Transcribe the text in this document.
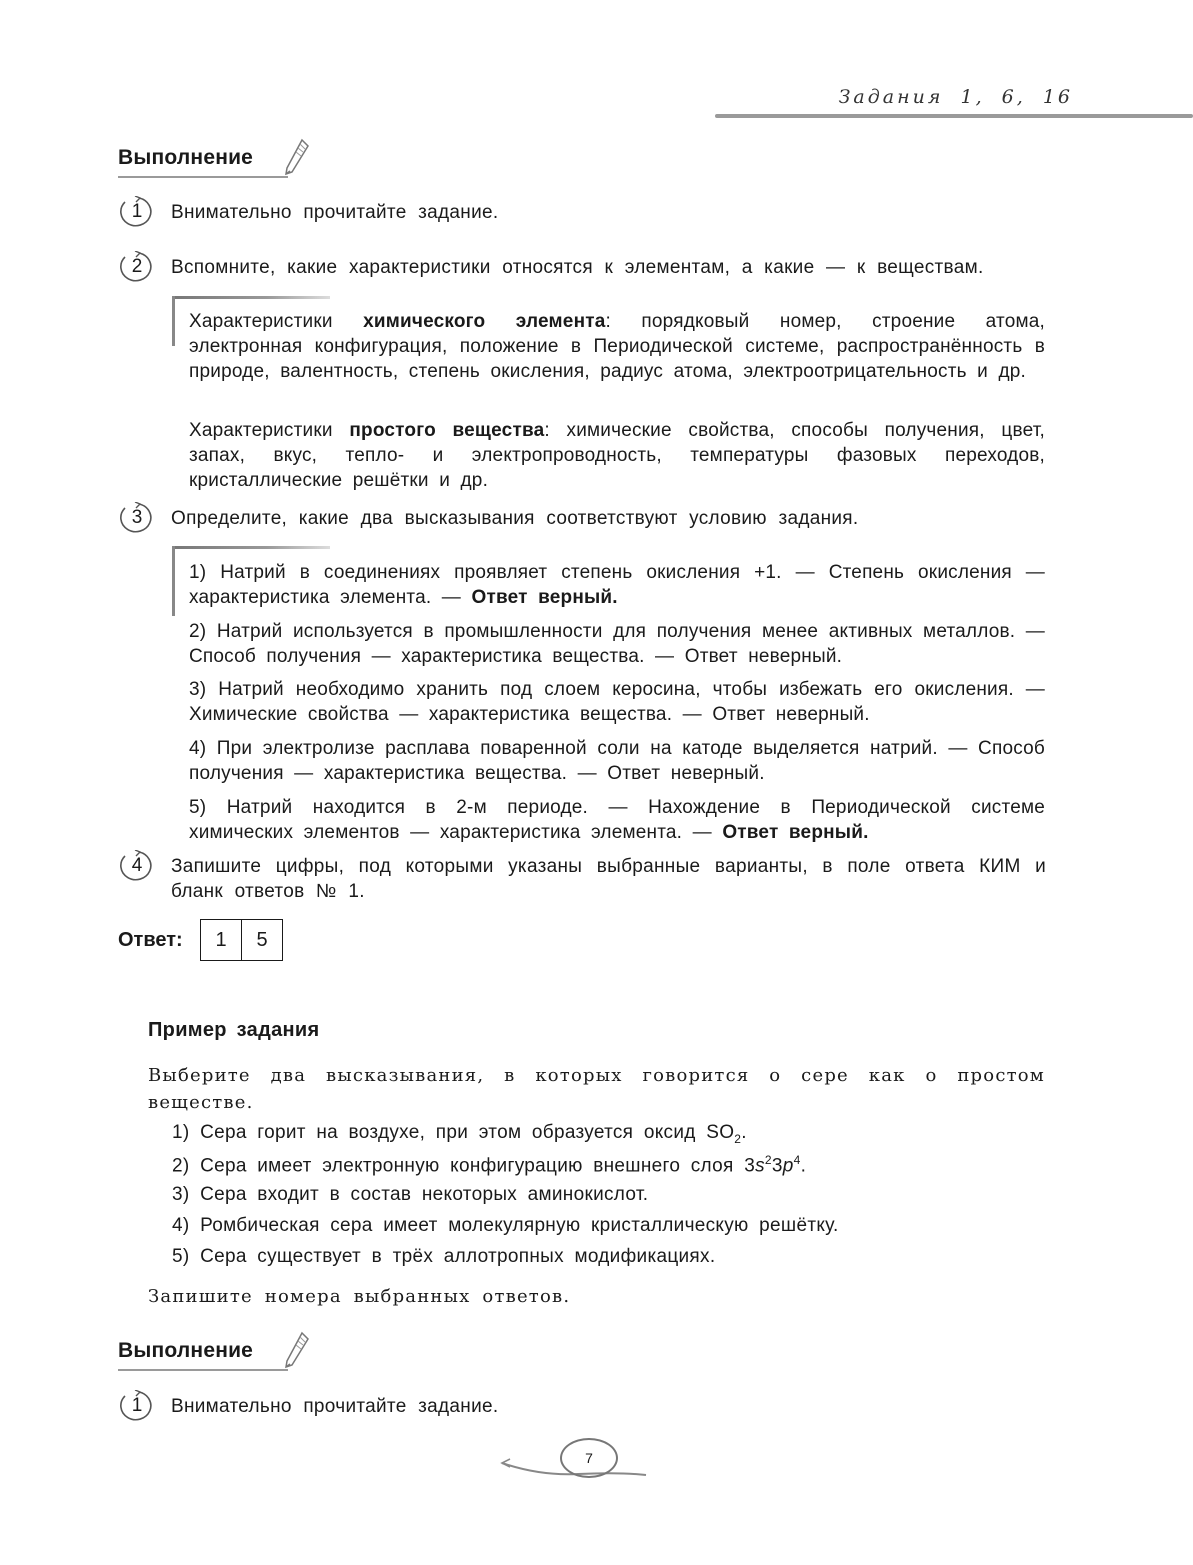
Задания 1, 6, 16
Выполнение
1 Внимательно прочитайте задание.
2 Вспомните, какие характеристики относятся к элементам, а какие — к веществам.
Характеристики химического элемента: порядковый номер, строение атома, электронная конфигурация, положение в Периодической системе, распространённость в природе, валентность, степень окисления, радиус атома, электроотрицательность и др.
Характеристики простого вещества: химические свойства, способы получения, цвет, запах, вкус, тепло- и электропроводность, температуры фазовых переходов, кристаллические решётки и др.
3 Определите, какие два высказывания соответствуют условию задания.
1) Натрий в соединениях проявляет степень окисления +1. — Степень окисления — характеристика элемента. — Ответ верный.
2) Натрий используется в промышленности для получения менее активных металлов. — Способ получения — характеристика вещества. — Ответ неверный.
3) Натрий необходимо хранить под слоем керосина, чтобы избежать его окисления. — Химические свойства — характеристика вещества. — Ответ неверный.
4) При электролизе расплава поваренной соли на катоде выделяется натрий. — Способ получения — характеристика вещества. — Ответ неверный.
5) Натрий находится в 2-м периоде. — Нахождение в Периодической системе химических элементов — характеристика элемента. — Ответ верный.
4 Запишите цифры, под которыми указаны выбранные варианты, в поле ответа КИМ и бланк ответов № 1.
Ответ:	1	5
Пример задания
Выберите два высказывания, в которых говорится о сере как о простом веществе.
1) Сера горит на воздухе, при этом образуется оксид $SO_2$.
2) Сера имеет электронную конфигурацию внешнего слоя $3s^23p^4$.
3) Сера входит в состав некоторых аминокислот.
4) Ромбическая сера имеет молекулярную кристаллическую решётку.
5) Сера существует в трёх аллотропных модификациях.
Запишите номера выбранных ответов.
Выполнение
1 Внимательно прочитайте задание.
7
